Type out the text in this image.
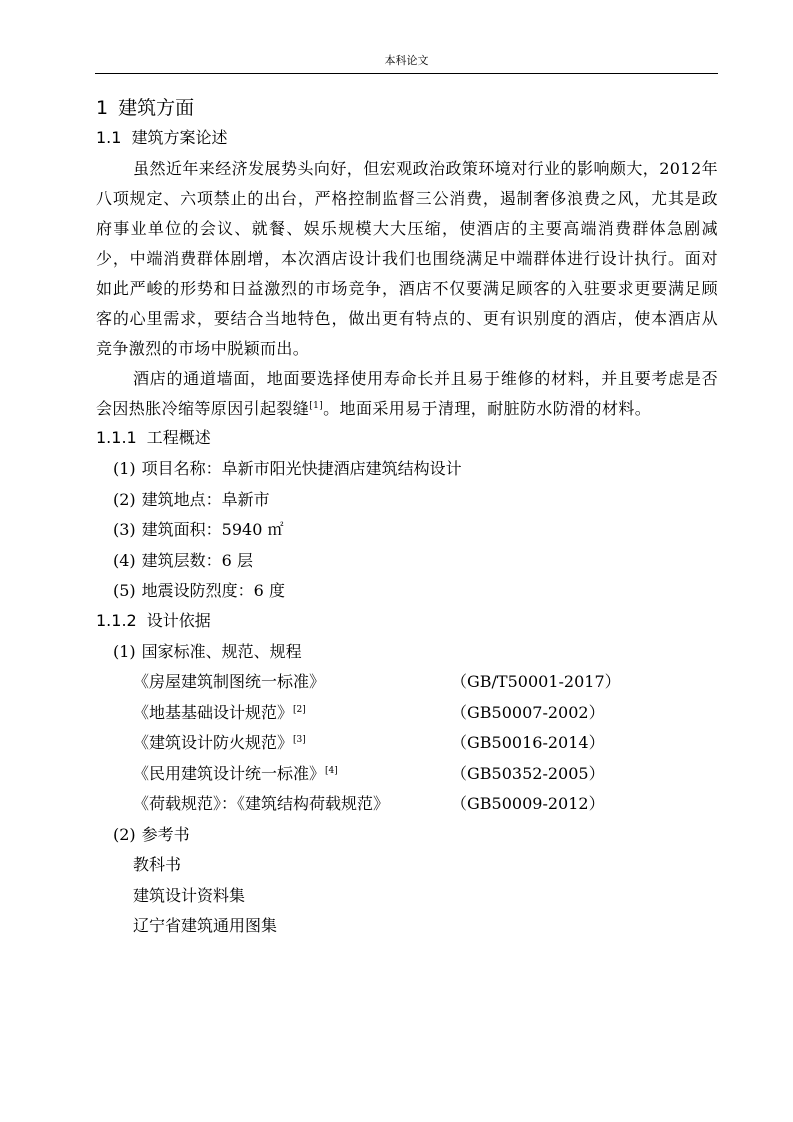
本科论文
1 建筑方面
1.1 建筑方案论述

虽然近年来经济发展势头向好，但宏观政治政策环境对行业的影响颇大，2012年八项规定、六项禁止的出台，严格控制监督三公消费，遏制奢侈浪费之风，尤其是政府事业单位的会议、就餐、娱乐规模大大压缩，使酒店的主要高端消费群体急剧减少，中端消费群体剧增，本次酒店设计我们也围绕满足中端群体进行设计执行。面对如此严峻的形势和日益激烈的市场竞争，酒店不仅要满足顾客的入驻要求更要满足顾客的心里需求，要结合当地特色，做出更有特点的、更有识别度的酒店，使本酒店从竞争激烈的市场中脱颖而出。

酒店的通道墙面，地面要选择使用寿命长并且易于维修的材料，并且要考虑是否会因热胀冷缩等原因引起裂缝[1]。地面采用易于清理，耐脏防水防滑的材料。

1.1.1 工程概述
(1) 项目名称：阜新市阳光快捷酒店建筑结构设计
(2) 建筑地点：阜新市
(3) 建筑面积：5940 ㎡
(4) 建筑层数：6 层
(5) 地震设防烈度：6 度
1.1.2 设计依据
(1) 国家标准、规范、规程
《房屋建筑制图统一标准》	（GB/T50001-2017）
《地基基础设计规范》[2]	（GB50007-2002）
《建筑设计防火规范》[3]	（GB50016-2014）
《民用建筑设计统一标准》[4]	（GB50352-2005）
《荷载规范》：《建筑结构荷载规范》	（GB50009-2012）
(2) 参考书
教科书
建筑设计资料集
辽宁省建筑通用图集
